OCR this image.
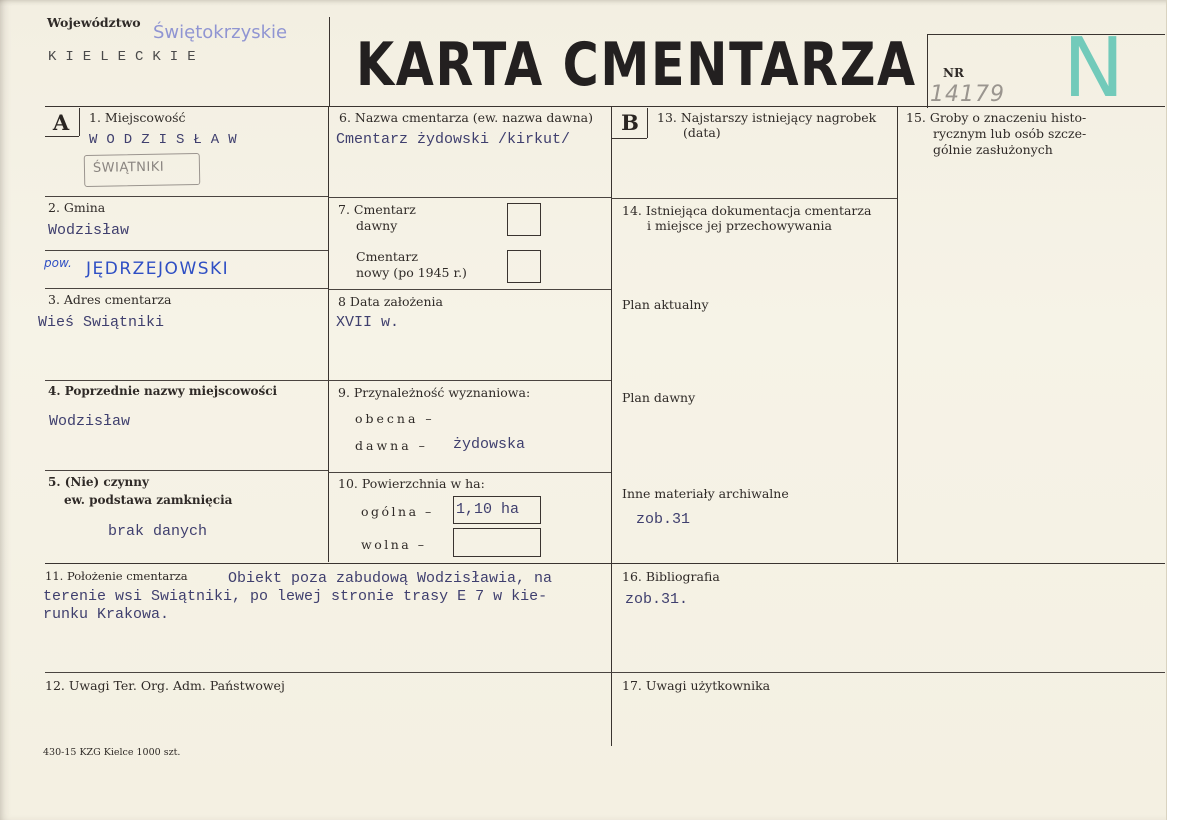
Województwo Świętokrzyskie
KIELECKIE	KARTA CMENTARZA NR
14179 N
A	1. Miejscowość
WODZISŁAW
ŚWIĄTNIKI
2. Gmina
Wodzisław
pow. JĘDRZEJOWSKI
3. Adres cmentarza
Wieś Swiątniki
4. Poprzednie nazwy miejscowości
Wodzisław
5. (Nie) czynny
ew. podstawa zamknięcia
brak danych
6. Nazwa cmentarza (ew. nazwa dawna)
Cmentarz żydowski /kirkut/
7. Cmentarz
dawny
Cmentarz
nowy (po 1945 r.)
8 Data założenia
XVII w.
9. Przynależność wyznaniowa:
obecna –
dawna – żydowska
10. Powierzchnia w ha:
ogólna – 1,10 ha
wolna –
B	13. Najstarszy istniejący nagrobek
(data)
14. Istniejąca dokumentacja cmentarza
i miejsce jej przechowywania
Plan aktualny
Plan dawny
Inne materiały archiwalne
zob.31
15. Groby o znaczeniu histo-
rycznym lub osób szcze-
gólnie zasłużonych
11. Położenie cmentarza	Obiekt poza zabudową Wodzisławia, na
terenie wsi Swiątniki, po lewej stronie trasy E 7 w kie-
runku Krakowa.
16. Bibliografia
zob.31.
12. Uwagi Ter. Org. Adm. Państwowej	17. Uwagi użytkownika
430-15 KZG Kielce 1000 szt.
